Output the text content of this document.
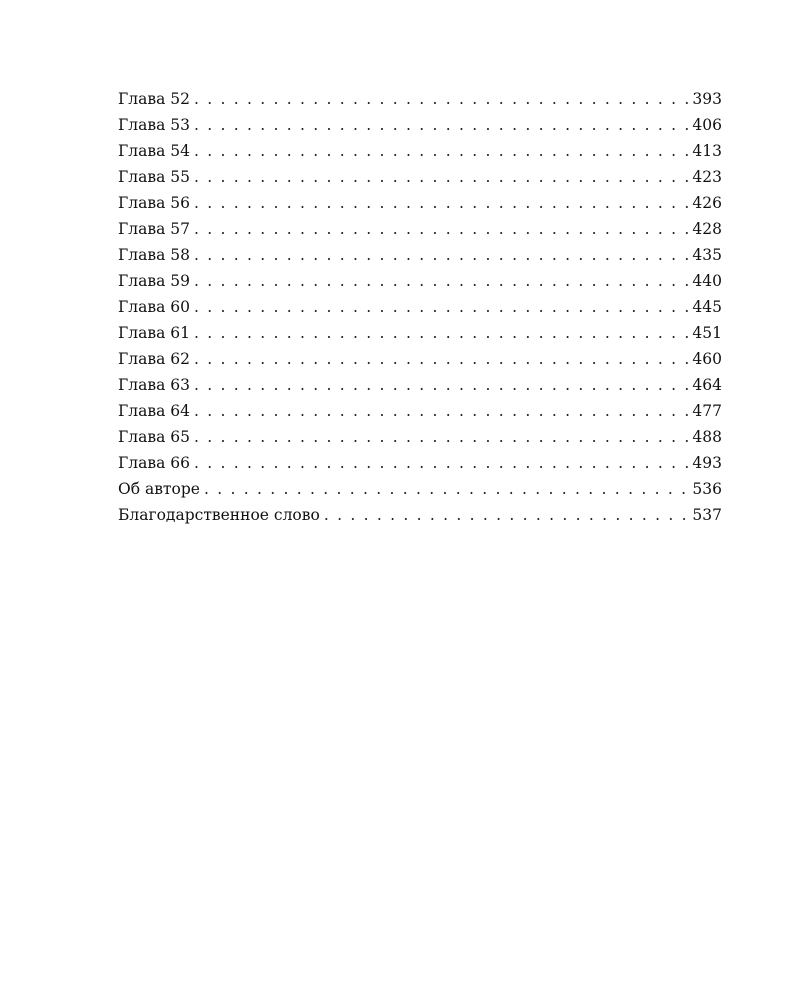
Глава 52 . . .	393
Глава 53 . . .	406
Глава 54 . . .	413
Глава 55 . . .	423
Глава 56 . . .	426
Глава 57 . . .	428
Глава 58 . . .	435
Глава 59 . . .	440
Глава 60 . . .	445
Глава 61 . . .	451
Глава 62 . . .	460
Глава 63 . . .	464
Глава 64 . . .	477
Глава 65 . . .	488
Глава 66 . . .	493
Об авторе . . .	536
Благодарственное слово . . .	537
